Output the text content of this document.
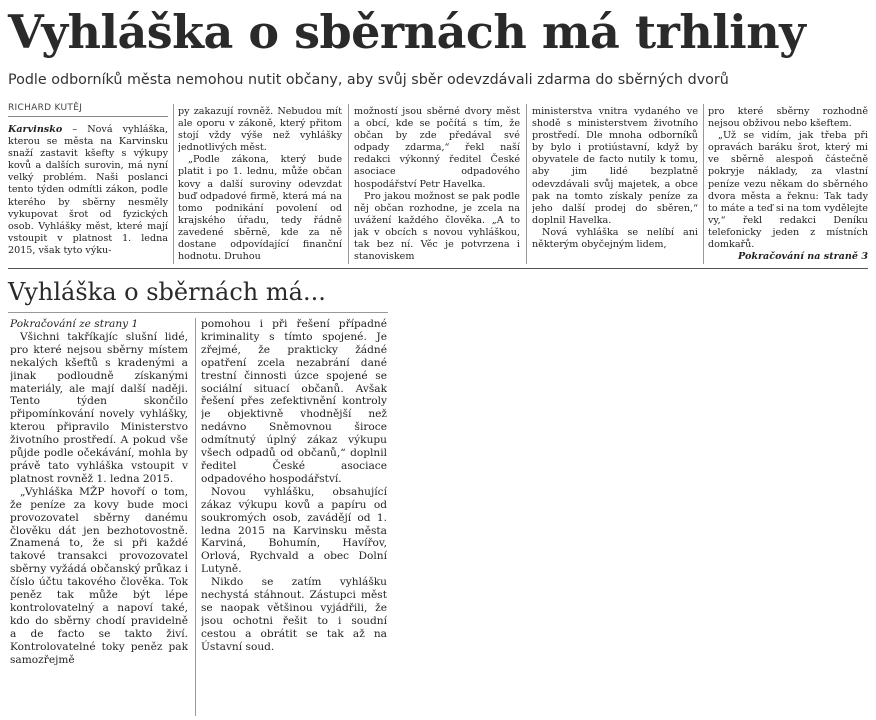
Vyhláška o sběrnách má trhliny
Podle odborníků města nemohou nutit občany, aby svůj sběr odevzdávali zdarma do sběrných dvorů
RICHARD KUTĚJ

Karvinsko – Nová vyhláška, kterou se města na Karvinsku snaží zastavit kšefty s výkupy kovů a dalších surovin, má nyní velký problém. Naši poslanci tento týden odmítli zákon, podle kterého by sběrny nesměly vykupovat šrot od fyzických osob. Vyhlášky měst, které mají vstoupit v platnost 1. ledna 2015, však tyto výku-

py zakazují rovněž. Nebudou mít ale oporu v zákoně, který přitom stojí vždy výše než vyhlášky jednotlivých měst.

„Podle zákona, který bude platit i po 1. lednu, může občan kovy a další suroviny odevzdat buď odpadové firmě, která má na tomo podnikání povolení od krajského úřadu, tedy řádně zavedené sběrně, kde za ně dostane odpovídající finanční hodnotu. Druhou

možností jsou sběrné dvory měst a obcí, kde se počítá s tím, že občan by zde předával své odpady zdarma,“ řekl naší redakci výkonný ředitel České asociace odpadového hospodářství Petr Havelka.

Pro jakou možnost se pak podle něj občan rozhodne, je zcela na uvážení každého člověka. „A to jak v obcích s novou vyhláškou, tak bez ní. Věc je potvrzena i stanoviskem

ministerstva vnitra vydaného ve shodě s ministerstvem životního prostředí. Dle mnoha odborníků by bylo i protiústavní, když by obyvatele de facto nutily k tomu, aby jim lidé bezplatně odevzdávali svůj majetek, a obce pak na tomto získaly peníze za jeho další prodej do sběren,“ doplnil Havelka.

Nová vyhláška se nelíbí ani některým obyčejným lidem,

pro které sběrny rozhodně nejsou obživou nebo kšeftem.

„Už se vidím, jak třeba při opravách baráku šrot, který mi ve sběrně alespoň částečně pokryje náklady, za vlastní peníze vezu někam do sběrného dvora města a řeknu: Tak tady to máte a teď si na tom vydělejte vy,“ řekl redakci Deníku telefonicky jeden z místních domkařů.

Pokračování na straně 3
Vyhláška o sběrnách má...
Pokračování ze strany 1

Všichni takříkajíc slušní lidé, pro které nejsou sběrny místem nekalých kšeftů s kradenými a jinak podloudně získanými materiály, ale mají další naději. Tento týden skončilo připomínkování novely vyhlášky, kterou připravilo Ministerstvo životního prostředí. A pokud vše půjde podle očekávání, mohla by právě tato vyhláška vstoupit v platnost rovněž 1. ledna 2015.

„Vyhláška MŽP hovoří o tom, že peníze za kovy bude moci provozovatel sběrny danému člověku dát jen bezhotovostně. Znamená to, že si při každé takové transakci provozovatel sběrny vyžádá občanský průkaz i číslo účtu takového člověka. Tok peněz tak může být lépe kontrolovatelný a napoví také, kdo do sběrny chodí pravidelně a de facto se takto živí. Kontrolovatelné toky peněz pak samozřejmě

pomohou i při řešení případné kriminality s tímto spojené. Je zřejmé, že prakticky žádné opatření zcela nezabrání dané trestní činnosti úzce spojené se sociální situací občanů. Avšak řešení přes zefektivnění kontroly je objektivně vhodnější než nedávno Sněmovnou široce odmítnutý úplný zákaz výkupu všech odpadů od občanů,“ doplnil ředitel České asociace odpadového hospodářství.

Novou vyhlášku, obsahující zákaz výkupu kovů a papíru od soukromých osob, zavádějí od 1. ledna 2015 na Karvinsku města Karviná, Bohumín, Havířov, Orlová, Rychvald a obec Dolní Lutyně.

Nikdo se zatím vyhlášku nechystá stáhnout. Zástupci měst se naopak většinou vyjádřili, že jsou ochotni řešit to i soudní cestou a obrátit se tak až na Ústavní soud.
